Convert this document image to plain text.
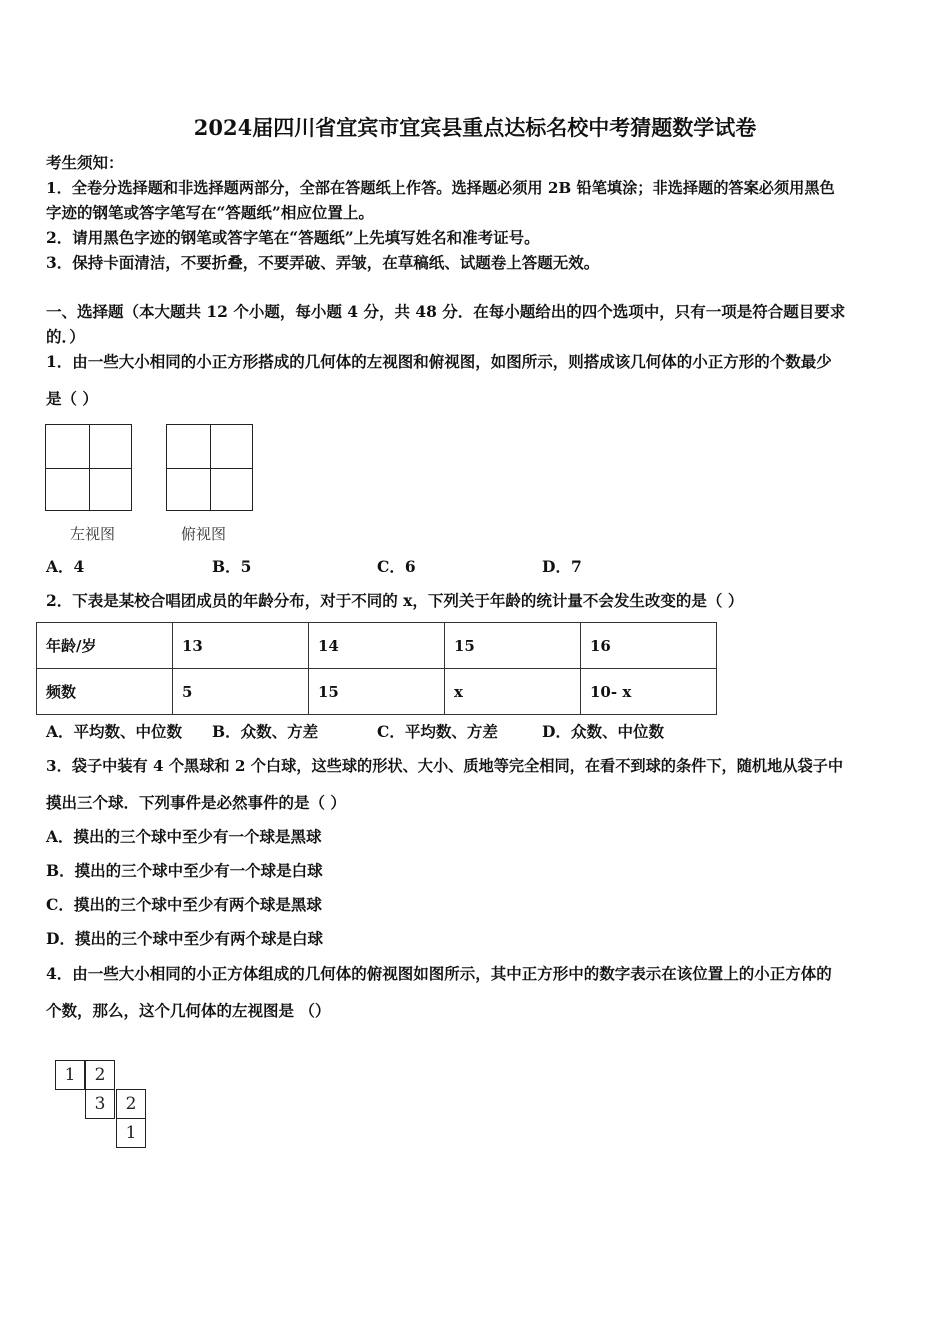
2024届四川省宜宾市宜宾县重点达标名校中考猜题数学试卷
考生须知：
1．全卷分选择题和非选择题两部分，全部在答题纸上作答。选择题必须用 2B 铅笔填涂；非选择题的答案必须用黑色
字迹的钢笔或答字笔写在“答题纸”相应位置上。
2．请用黑色字迹的钢笔或答字笔在“答题纸”上先填写姓名和准考证号。
3．保持卡面清洁，不要折叠，不要弄破、弄皱，在草稿纸、试题卷上答题无效。
一、选择题（本大题共 12 个小题，每小题 4 分，共 48 分．在每小题给出的四个选项中，只有一项是符合题目要求
的．）
1．由一些大小相同的小正方形搭成的几何体的左视图和俯视图，如图所示，则搭成该几何体的小正方形的个数最少
是（ ）
左视图	俯视图
A．4	B．5	C．6	D．7
2．下表是某校合唱团成员的年龄分布，对于不同的 x，下列关于年龄的统计量不会发生改变的是（ ）
年龄/岁	13	14	15	16
频数	5	15	x	10- x
A．平均数、中位数 B．众数、方差	C．平均数、方差	D．众数、中位数
3．袋子中装有 4 个黑球和 2 个白球，这些球的形状、大小、质地等完全相同，在看不到球的条件下，随机地从袋子中
摸出三个球．下列事件是必然事件的是（ ）
A．摸出的三个球中至少有一个球是黑球
B．摸出的三个球中至少有一个球是白球
C．摸出的三个球中至少有两个球是黑球
D．摸出的三个球中至少有两个球是白球
4．由一些大小相同的小正方体组成的几何体的俯视图如图所示，其中正方形中的数字表示在该位置上的小正方体的
个数，那么，这个几何体的左视图是 （）
1	2
3	2
1
